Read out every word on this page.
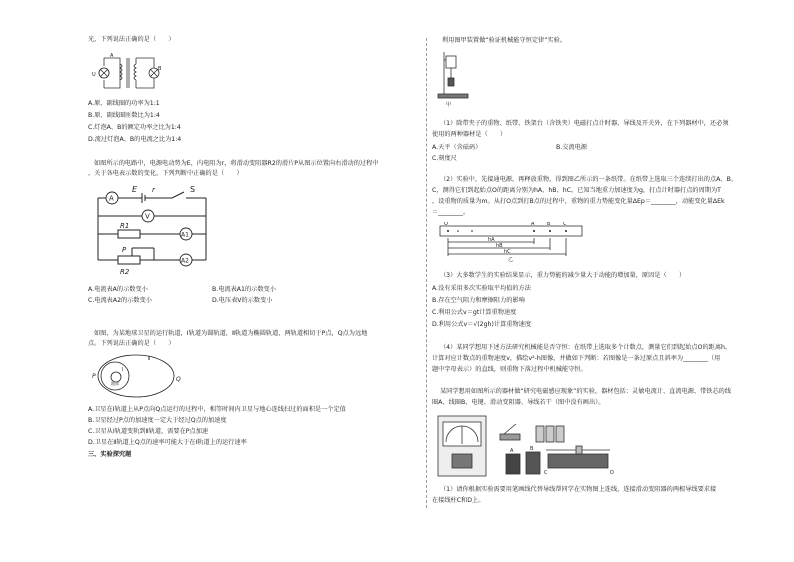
光，下列说法正确的是（　　）
U
A
B
A.原、副线圈的功率为1:1
B.原、副线圈匝数比为1:4
C.灯泡A、B的额定功率之比为1:4
D.流过灯泡A、B的电流之比为1:4
如图所示的电路中，电源电动势为E，内电阻为r，将滑动变阻器R2的滑片P从图示位置向右滑动的过程中
，关于各电表示数的变化，下列判断中正确的是（　　）
A
V
A1
A2
E r	S
R1
P
R2
A.电流表A的示数变小	B.电流表A1的示数变小
C.电流表A2的示数变小	D.电压表V的示数变小
如图，为某地球卫星的运行轨道，Ⅰ轨道为圆轨道，Ⅱ轨道为椭圆轨道，两轨道相切于P点，Q点为远地
点。下列说法正确的是（　　）
P	Q
Ⅰ
Ⅱ
地球
A.卫星在Ⅰ轨道上从P点向Q点运行的过程中，相等时间内卫星与地心连线扫过的面积是一个定值
B.卫星经过P点的加速度一定大于经过Q点的加速度
C.卫星从Ⅰ轨道变轨到Ⅱ轨道，需要在P点加速
D.卫星在Ⅱ轨道上Q点的速率可能大于在Ⅰ轨道上的运行速率
三、实验探究题
利用图甲装置做“验证机械能守恒定律”实验。
甲
（1）除带夹子的重物、纸带、铁架台（含铁夹）电磁打点计时器、导线及开关外，在下列器材中，还必须
使用的两种器材是（　　）
A.天平（含砝码）	B.交流电源
C.刻度尺
（2）实验中，先接通电源，再释放重物，得到图乙所示的一条纸带。在纸带上选取三个连续打出的点A、B、
C，测得它们到起始点O的距离分别为hA、hB、hC。已知当地重力加速度为g，打点计时器打点的周期为T
，设重物的质量为m。从打O点到打B点的过程中，重物的重力势能变化量ΔEp＝________，动能变化量ΔEk
＝________。
O	A	B	C
hA
hB
hC
乙
（3）大多数学生的实验结果显示，重力势能的减少量大于动能的增加量，原因是（　　）
A.没有采用多次实验取平均值的方法
B.存在空气阻力和摩擦阻力的影响
C.利用公式v＝gt计算重物速度
D.利用公式v＝√(2gh)计算重物速度
（4）某同学想用下述方法研究机械能是否守恒：在纸带上选取多个计数点，测量它们到起始点O的距离h，
计算对应计数点的重物速度v，描绘v²-h图像，并做如下判断：若图像是一条过原点且斜率为________（用
题中字母表示）的直线，则重物下落过程中机械能守恒。
某同学想用如图所示的器材做“研究电磁感应现象”的实验，器材包括：灵敏电流计、直流电源、带铁芯的线
圈A、线圈B、电键、滑动变阻器、导线若干（图中没有画出）。
A	B
C	D
（1）请你根据实验需要用笔画线代替导线帮同学在实物图上连线，连接滑动变阻器的两根导线要求接
在接线柱C和D上。
